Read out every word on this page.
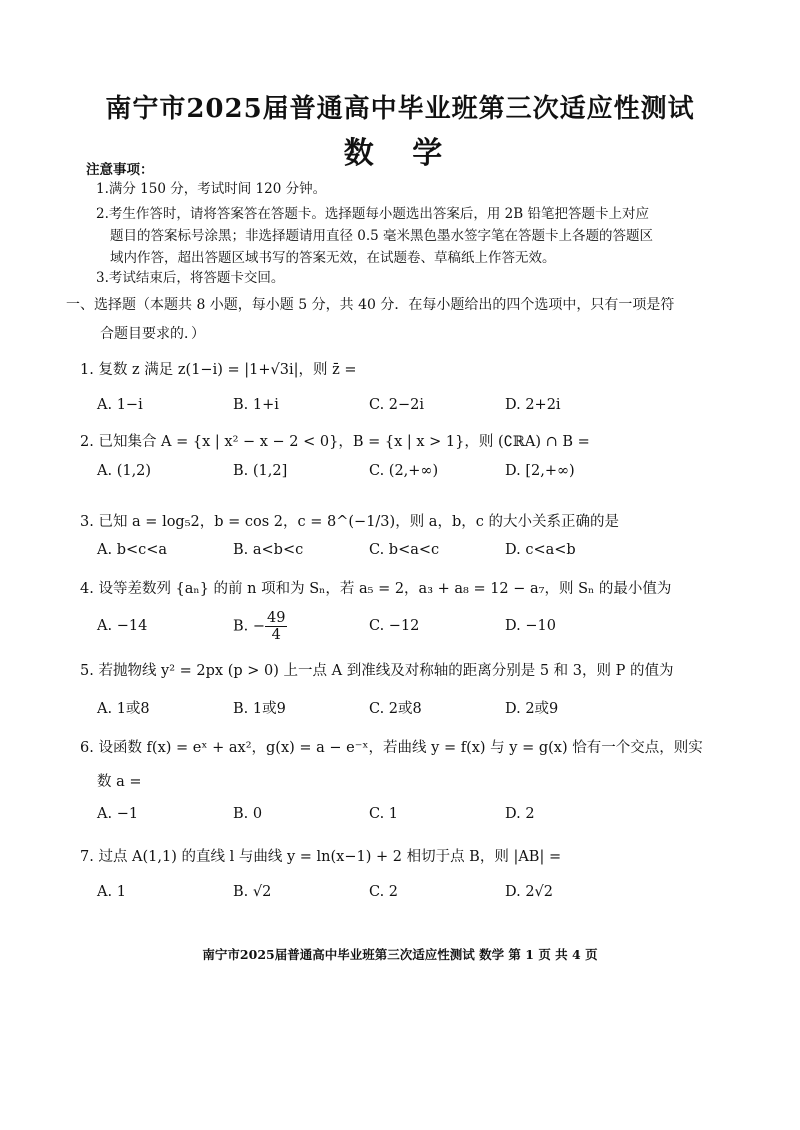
南宁市2025届普通高中毕业班第三次适应性测试
数 学
注意事项：
1.满分 150 分，考试时间 120 分钟。
2.考生作答时，请将答案答在答题卡。选择题每小题选出答案后，用 2B 铅笔把答题卡上对应
题目的答案标号涂黑；非选择题请用直径 0.5 毫米黑色墨水签字笔在答题卡上各题的答题区
域内作答，超出答题区域书写的答案无效，在试题卷、草稿纸上作答无效。
3.考试结束后，将答题卡交回。
一、选择题（本题共 8 小题，每小题 5 分，共 40 分．在每小题给出的四个选项中，只有一项是符
合题目要求的．）
1. 复数 z 满足 z(1−i) = |1+√3i|，则 z̄ =
A. 1−i	B. 1+i	C. 2−2i	D. 2+2i
2. 已知集合 A = {x | x² − x − 2 < 0}，B = {x | x > 1}，则 (∁ℝA) ∩ B =
A. (1,2)	B. (1,2]	C. (2,+∞)	D. [2,+∞)
3. 已知 a = log₅2，b = cos 2，c = 8^(−1/3)，则 a，b，c 的大小关系正确的是
A. b<c<a	B. a<b<c	C. b<a<c	D. c<a<b
4. 设等差数列 {aₙ} 的前 n 项和为 Sₙ，若 a₅ = 2，a₃ + a₈ = 12 − a₇，则 Sₙ 的最小值为
A. −14	B. − $\frac{49}{4}$	C. −12	D. −10
5. 若抛物线 y² = 2px (p > 0) 上一点 A 到准线及对称轴的距离分别是 5 和 3，则 P 的值为
A. 1或8	B. 1或9	C. 2或8	D. 2或9
6. 设函数 f(x) = eˣ + ax²，g(x) = a − e⁻ˣ，若曲线 y = f(x) 与 y = g(x) 恰有一个交点，则实
数 a =
A. −1	B. 0	C. 1	D. 2
7. 过点 A(1,1) 的直线 l 与曲线 y = ln(x−1) + 2 相切于点 B，则 |AB| =
A. 1	B. √2	C. 2	D. 2√2
南宁市2025届普通高中毕业班第三次适应性测试 数学 第 1 页 共 4 页
